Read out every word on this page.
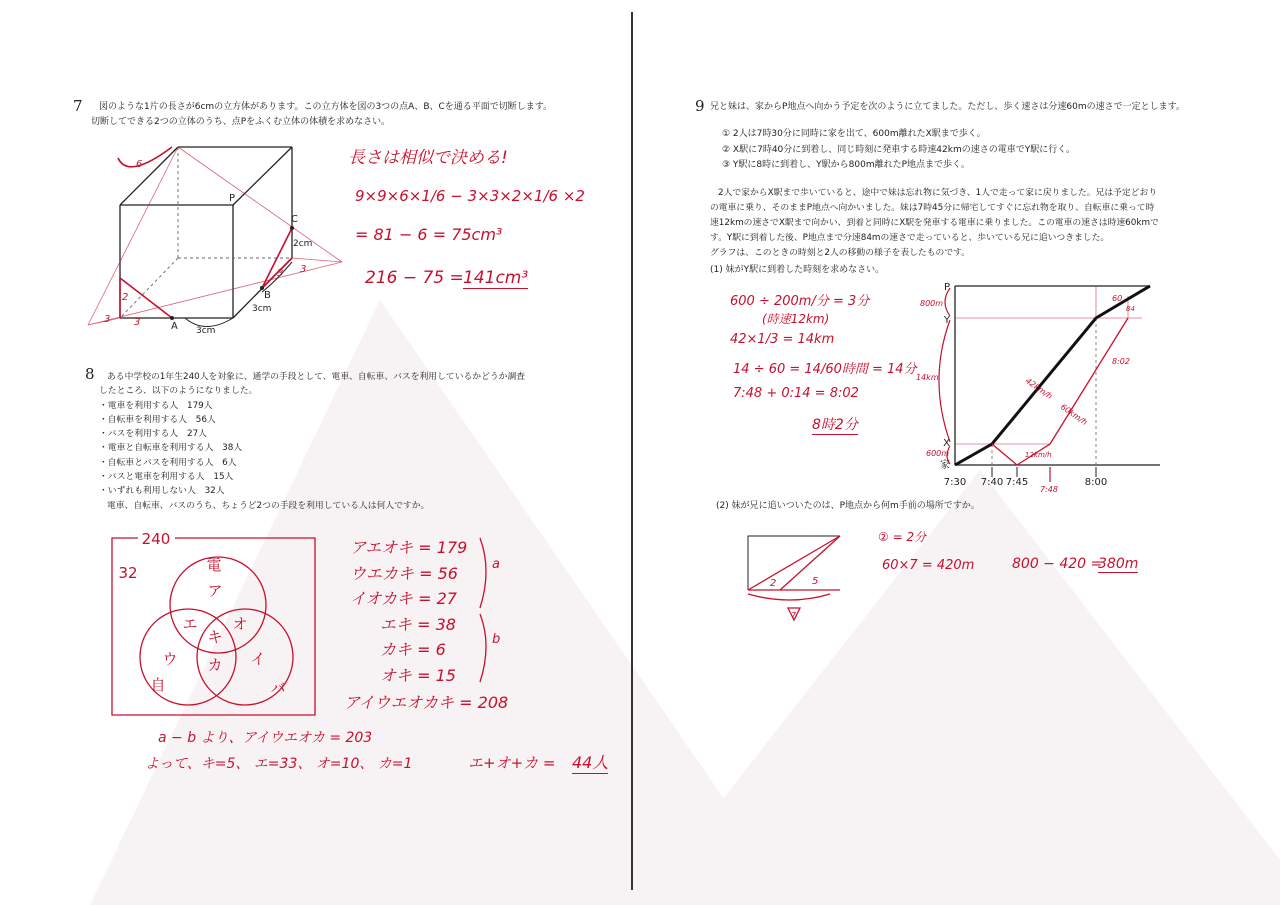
7 図のような1片の長さが6cmの立方体があります。この立方体を図の3つの点A、B、Cを通る平面で切断します。
切断してできる2つの立体のうち、点Pをふくむ立体の体積を求めなさい。
P
C
B
A
2cm
3cm
3cm
6
2
3 3
3
3
長さは相似で決める!
9×9×6×1/6 − 3×3×2×1/6 ×2
= 81 − 6 = 75cm³
216 − 75 = 141cm³
8 ある中学校の1年生240人を対象に、通学の手段として、電車、自転車、バスを利用しているかどうか調査
したところ、以下のようになりました。
・電車を利用する人　179人
・自転車を利用する人　56人
・バスを利用する人　27人
・電車と自転車を利用する人　38人
・自転車とバスを利用する人　6人
・バスと電車を利用する人　15人
・いずれも利用しない人　32人
電車、自転車、バスのうち、ちょうど2つの手段を利用している人は何人ですか。
240
32	電
自	バ
ア
ウ	イ
エ オ
カ
キ
アエオキ = 179
ウエカキ = 56
イオカキ = 27
エキ = 38
カキ = 6
オキ = 15
a
b
アイウエオカキ = 208
a − b より、アイウエオカ = 203
よって、キ=5、 エ=33、 オ=10、 カ=1	エ+オ+カ = 44人
9 兄と妹は、家からP地点へ向かう予定を次のように立てました。ただし、歩く速さは分速60mの速さで一定とします。
① 2人は7時30分に同時に家を出て、600m離れたX駅まで歩く。
② X駅に7時40分に到着し、同じ時刻に発車する時速42kmの速さの電車でY駅に行く。
③ Y駅に8時に到着し、Y駅から800m離れたP地点まで歩く。
2人で家からX駅まで歩いていると、途中で妹は忘れ物に気づき、1人で走って家に戻りました。兄は予定どおり
の電車に乗り、そのままP地点へ向かいました。妹は7時45分に帰宅してすぐに忘れ物を取り、自転車に乗って時
速12kmの速さでX駅まで向かい、到着と同時にX駅を発車する電車に乗りました。この電車の速さは時速60kmで
す。Y駅に到着した後、P地点まで分速84mの速さで走っていると、歩いている兄に追いつきました。
グラフは、このときの時刻と2人の移動の様子を表したものです。
(1) 妹がY駅に到着した時刻を求めなさい。
P
Y
X
家
7:30 7:40 7:45	8:00
800m
14km
600m
42km/h
60km/h
12km/h
8:02
7:48
60
84
600 ÷ 200m/分 = 3分
(時速12km)
42×1/3 = 14km
14 ÷ 60 = 14/60時間 = 14分
7:48 + 0:14 = 8:02
8時2分
(2) 妹が兄に追いついたのは、P地点から何m手前の場所ですか。
2	5
7
② = 2分
60×7 = 420m	800 − 420 =
380m
